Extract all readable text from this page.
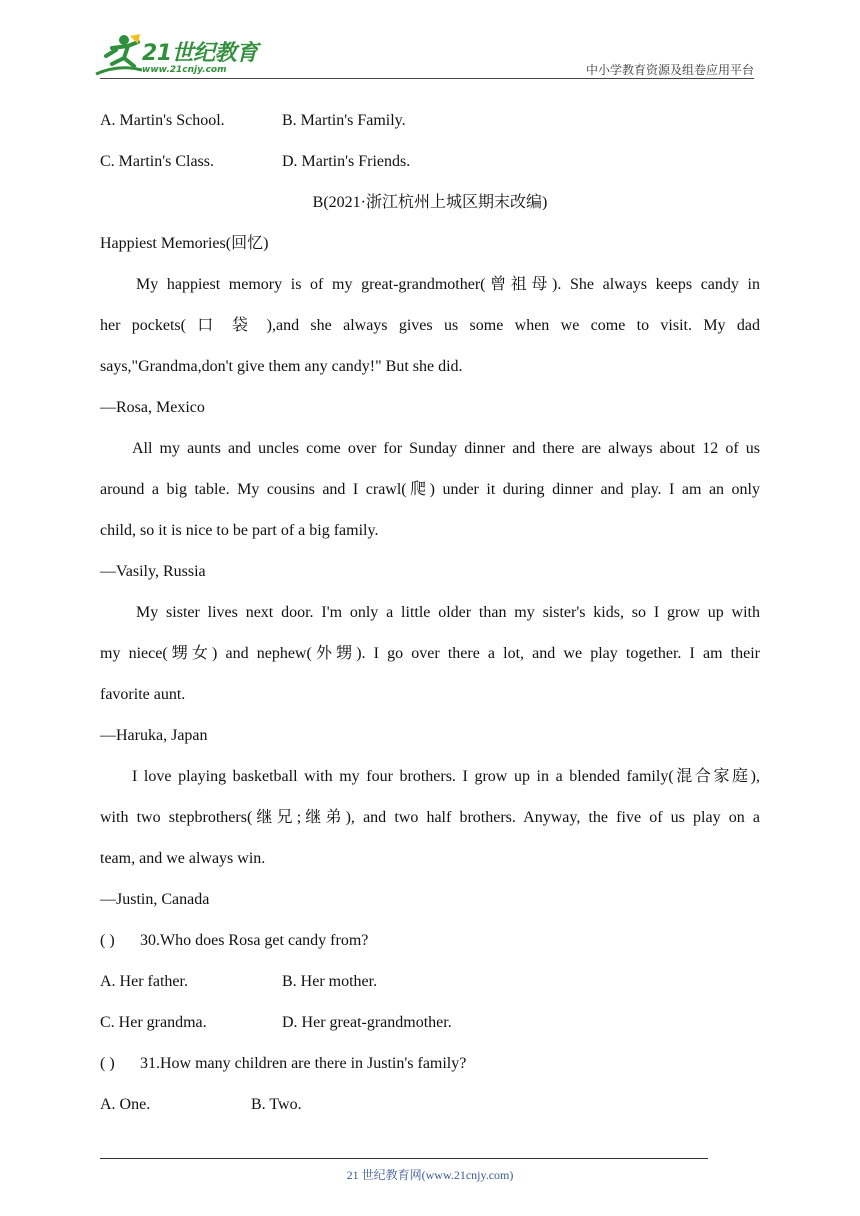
21世纪教育
www.21cnjy.com	中小学教育资源及组卷应用平台
A. Martin's School.	B. Martin's Family.
C. Martin's Class.	D. Martin's Friends.
B(2021·浙江杭州上城区期末改编)
Happiest Memories(回忆)
My happiest memory is of my great-grandmother(曾祖母). She always keeps candy in
her pockets( 口 袋 ),and she always gives us some when we come to visit. My dad
says,"Grandma,don't give them any candy!" But she did.
—Rosa, Mexico
All my aunts and uncles come over for Sunday dinner and there are always about 12 of us
around a big table. My cousins and I crawl(爬) under it during dinner and play. I am an only
child, so it is nice to be part of a big family.
—Vasily, Russia
My sister lives next door. I'm only a little older than my sister's kids, so I grow up with
my niece(甥女) and nephew(外甥). I go over there a lot, and we play together. I am their
favorite aunt.
—Haruka, Japan
I love playing basketball with my four brothers. I grow up in a blended family(混合家庭),
with two stepbrothers(继兄;继弟), and two half brothers. Anyway, the five of us play on a
team, and we always win.
—Justin, Canada
( ) 30.Who does Rosa get candy from?
A. Her father.	B. Her mother.
C. Her grandma.	D. Her great-grandmother.
( ) 31.How many children are there in Justin's family?
A. One.	B. Two.
21 世纪教育网(www.21cnjy.com)
